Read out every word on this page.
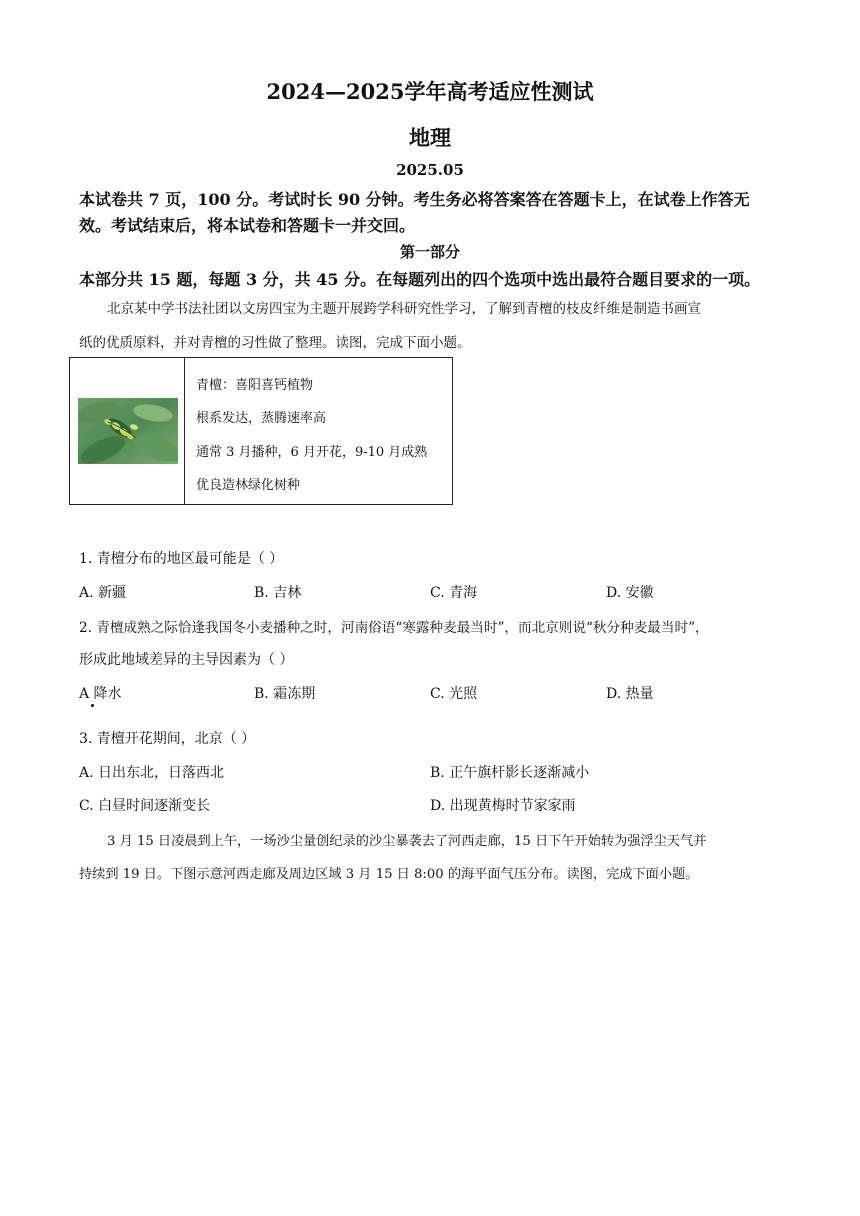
2024—2025学年高考适应性测试
地理
2025.05
本试卷共 7 页，100 分。考试时长 90 分钟。考生务必将答案答在答题卡上，在试卷上作答无
效。考试结束后，将本试卷和答题卡一并交回。
第一部分
本部分共 15 题，每题 3 分，共 45 分。在每题列出的四个选项中选出最符合题目要求的一项。
北京某中学书法社团以文房四宝为主题开展跨学科研究性学习，了解到青檀的枝皮纤维是制造书画宣
纸的优质原料，并对青檀的习性做了整理。读图，完成下面小题。
青檀：喜阳喜钙植物
根系发达，蒸腾速率高
通常 3 月播种，6 月开花，9-10 月成熟
优良造林绿化树种
1. 青檀分布的地区最可能是（ ）
A. 新疆	B. 吉林	C. 青海	D. 安徽
2. 青檀成熟之际恰逢我国冬小麦播种之时，河南俗语“寒露种麦最当时”，而北京则说“秋分种麦最当时”，
形成此地域差异的主导因素为（ ）
A 降水	B. 霜冻期	C. 光照	D. 热量
3. 青檀开花期间，北京（ ）
A. 日出东北，日落西北	B. 正午旗杆影长逐渐减小
C. 白昼时间逐渐变长	D. 出现黄梅时节家家雨
3 月 15 日凌晨到上午，一场沙尘量创纪录的沙尘暴袭去了河西走廊，15 日下午开始转为强浮尘天气并
持续到 19 日。下图示意河西走廊及周边区域 3 月 15 日 8:00 的海平面气压分布。读图，完成下面小题。
